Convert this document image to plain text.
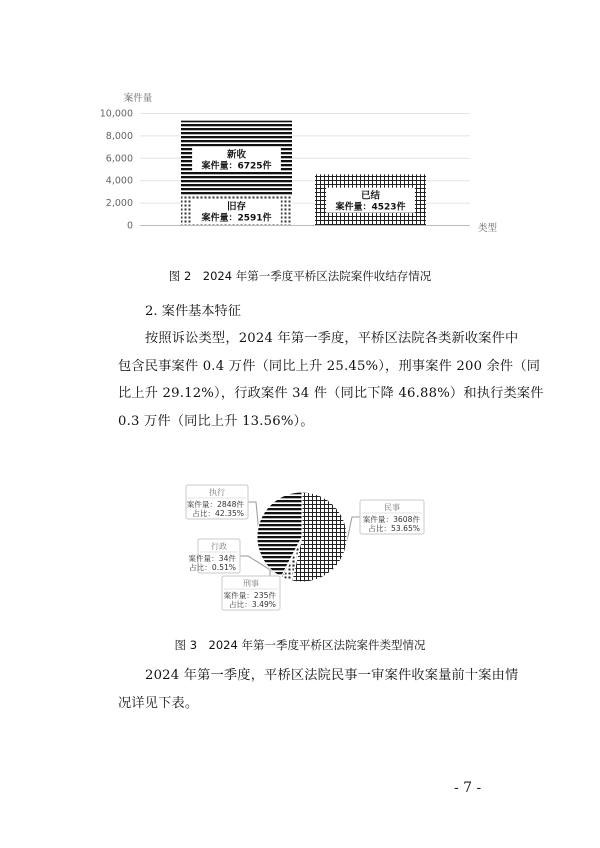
案件量
10,000
8,000
6,000
4,000
2,000
0	类型
旧存
案件量：2591件
新收
案件量：6725件
已结
案件量：4523件
图 2　2024 年第一季度平桥区法院案件收结存情况
2. 案件基本特征
按照诉讼类型，2024 年第一季度，平桥区法院各类新收案件中
包含民事案件 0.4 万件（同比上升 25.45%），刑事案件 200 余件（同
比上升 29.12%），行政案件 34 件（同比下降 46.88%）和执行类案件
0.3 万件（同比上升 13.56%）。
民事
案件量：3608件
占比：53.65%
刑事
案件量：235件
占比：3.49%
行政
案件量：34件
占比：0.51%
执行
案件量：2848件
占比：42.35%
图 3　2024 年第一季度平桥区法院案件类型情况
2024 年第一季度，平桥区法院民事一审案件收案量前十案由情
况详见下表。
- 7 -
